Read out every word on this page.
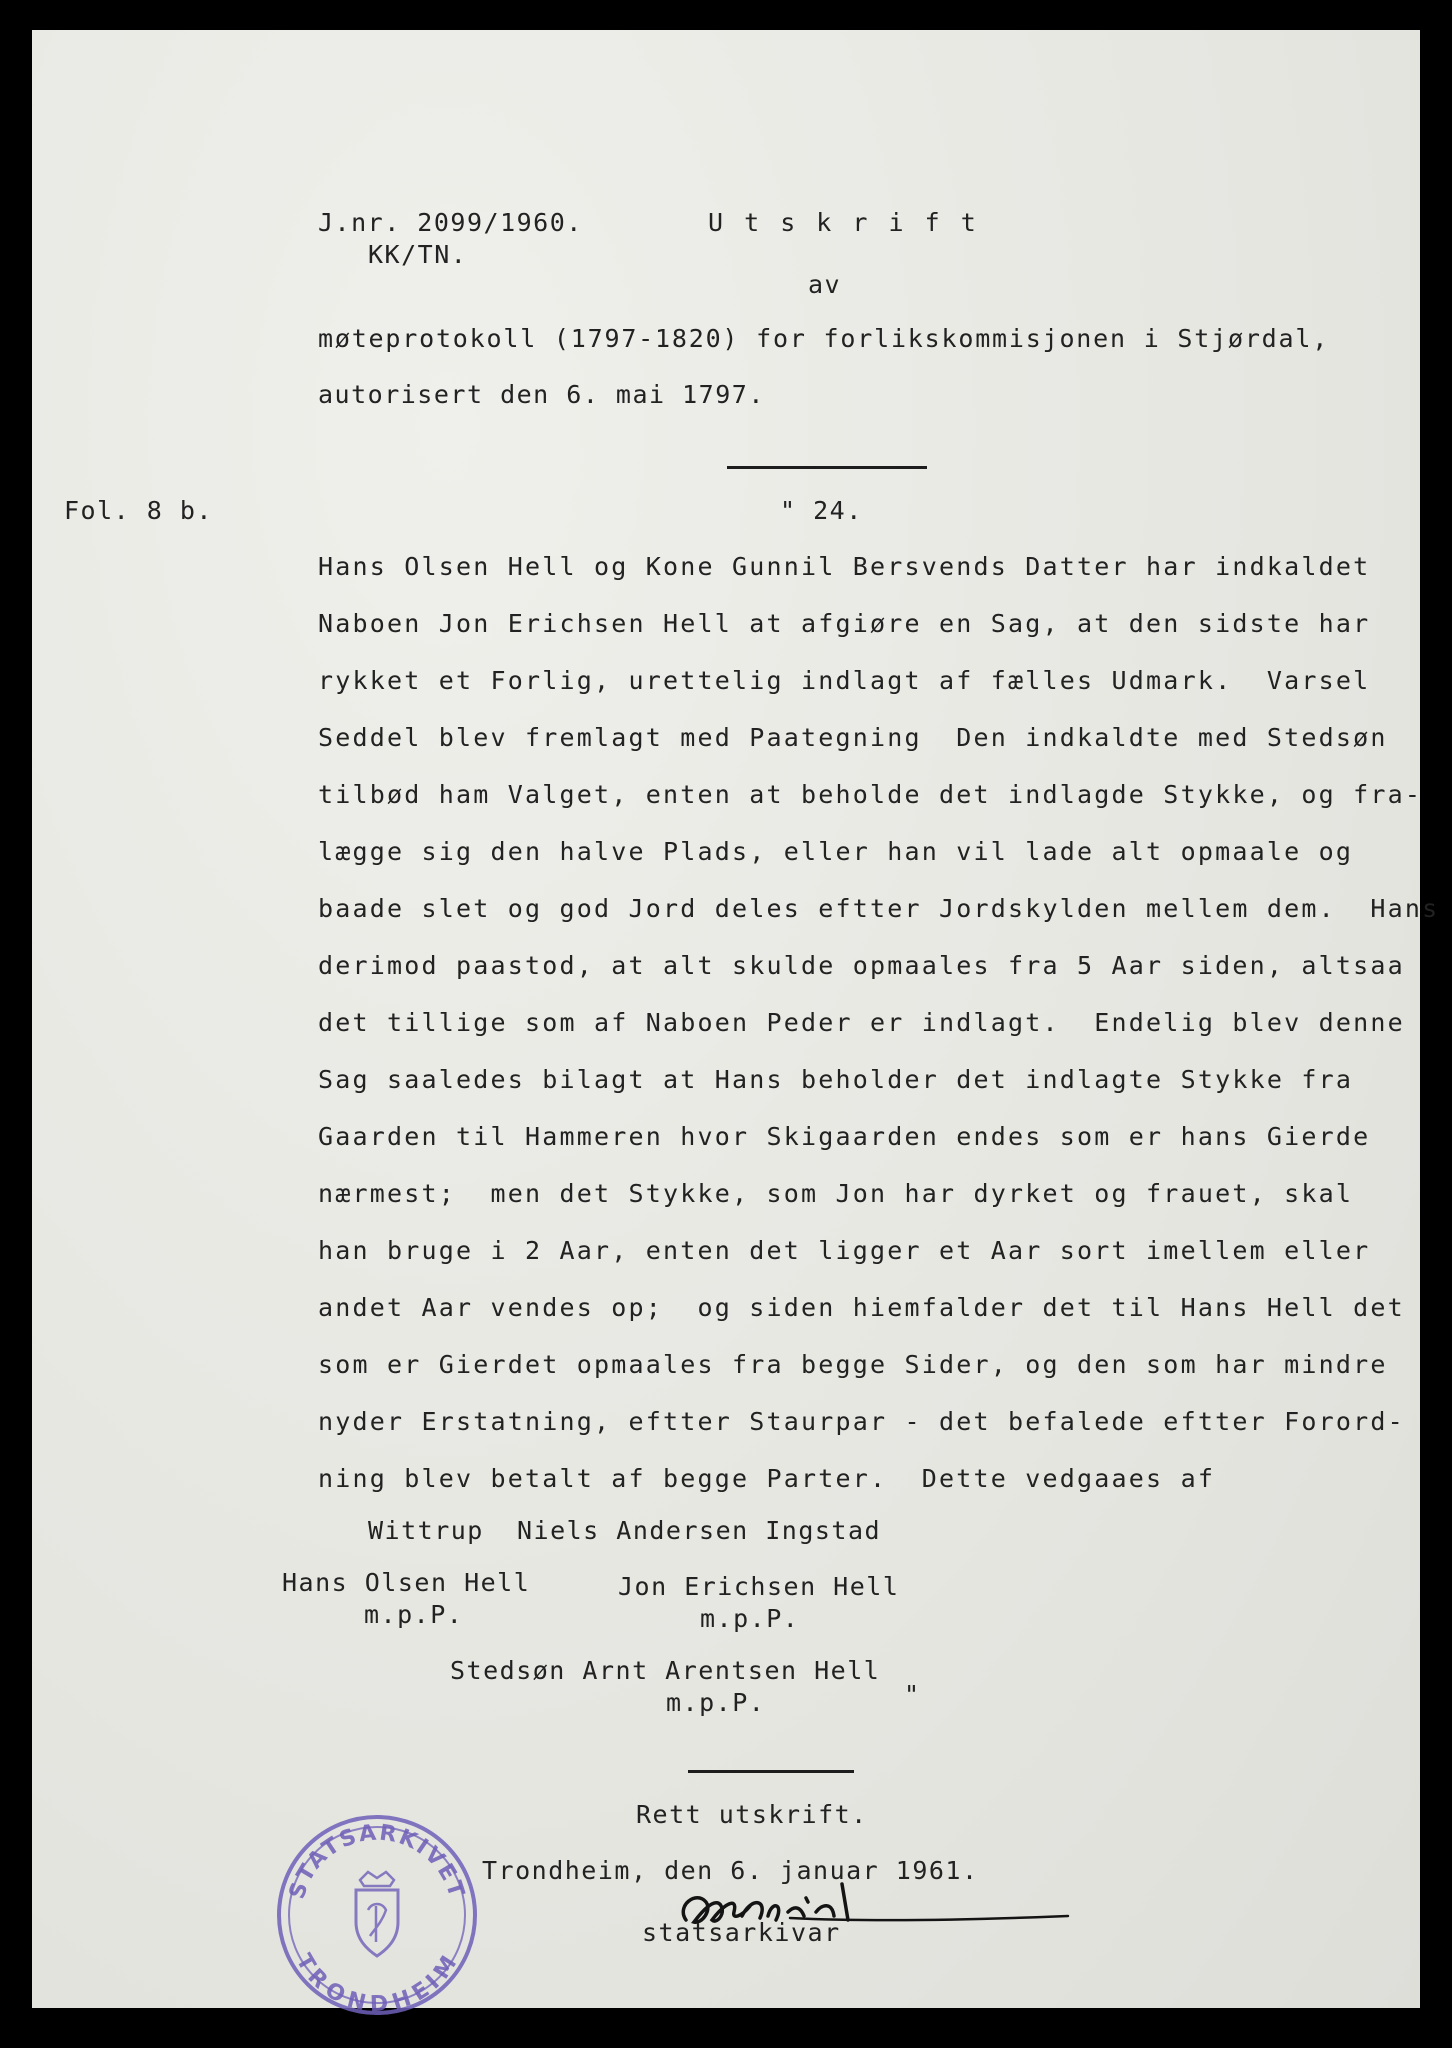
J.nr. 2099/1960.
KK/TN.
U t s k r i f t
av
møteprotokoll (1797-1820) for forlikskommisjonen i Stjørdal,
autorisert den 6. mai 1797.
Fol. 8 b.	" 24.
Hans Olsen Hell og Kone Gunnil Bersvends Datter har indkaldet
Naboen Jon Erichsen Hell at afgiøre en Sag, at den sidste har
rykket et Forlig, urettelig indlagt af fælles Udmark.  Varsel
Seddel blev fremlagt med Paategning  Den indkaldte med Stedsøn
tilbød ham Valget, enten at beholde det indlagde Stykke, og fra-
lægge sig den halve Plads, eller han vil lade alt opmaale og
baade slet og god Jord deles eftter Jordskylden mellem dem.  Hans
derimod paastod, at alt skulde opmaales fra 5 Aar siden, altsaa
det tillige som af Naboen Peder er indlagt.  Endelig blev denne
Sag saaledes bilagt at Hans beholder det indlagte Stykke fra
Gaarden til Hammeren hvor Skigaarden endes som er hans Gierde
nærmest;  men det Stykke, som Jon har dyrket og frauet, skal
han bruge i 2 Aar, enten det ligger et Aar sort imellem eller
andet Aar vendes op;  og siden hiemfalder det til Hans Hell det
som er Gierdet opmaales fra begge Sider, og den som har mindre
nyder Erstatning, eftter Staurpar - det befalede eftter Forord-
ning blev betalt af begge Parter.  Dette vedgaaes af
Wittrup  Niels Andersen Ingstad
Hans Olsen Hell
m.p.P.
Jon Erichsen Hell
m.p.P.
Stedsøn Arnt Arentsen Hell
m.p.P.	"
Rett utskrift.
Trondheim, den 6. januar 1961.
statsarkivar
STATSARKIVET
TRONDHEIM
